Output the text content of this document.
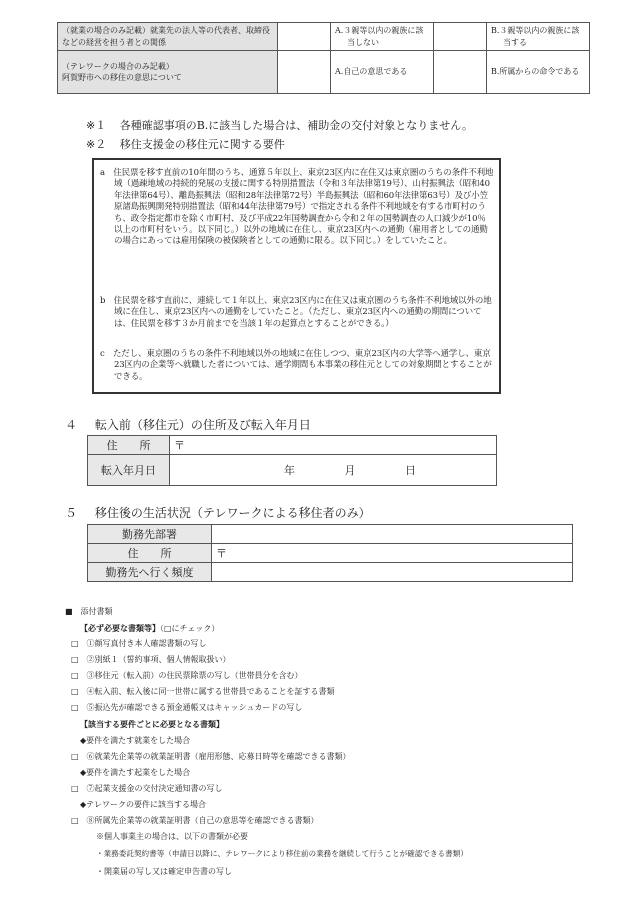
（就業の場合のみ記載）就業先の法人等の代表者、取締役などの経営を担う者との関係		A.３親等以内の親族に該当しない		B.３親等以内の親族に該当する

（テレワークの場合のみ記載）
阿賀野市への移住の意思について		A.自己の意思である		B.所属からの命令である
※１ 各種確認事項のB.に該当した場合は、補助金の交付対象となりません。
※２ 移住支援金の移住元に関する要件

a　住民票を移す直前の10年間のうち、通算５年以上、東京23区内に在住又は東京圏のうちの条件不利地域（過疎地域の持続的発展の支援に関する特別措置法（令和３年法律第19号）、山村振興法（昭和40年法律第64号）、離島振興法（昭和28年法律第72号）半島振興法（昭和60年法律第63号）及び小笠原諸島振興開発特別措置法（昭和44年法律第79号）で指定される条件不利地域を有する市町村のうち、政令指定都市を除く市町村、及び平成22年国勢調査から令和２年の国勢調査の人口減少が10％以上の市町村をいう。以下同じ。）以外の地域に在住し、東京23区内への通勤（雇用者としての通勤の場合にあっては雇用保険の被保険者としての通勤に限る。以下同じ。）をしていたこと。

b　住民票を移す直前に、連続して１年以上、東京23区内に在住又は東京圏のうち条件不利地域以外の地域に在住し、東京23区内への通勤をしていたこと。（ただし、東京23区内への通勤の期間については、住民票を移す３か月前までを当該１年の起算点とすることができる。）

c　ただし、東京圏のうちの条件不利地域以外の地域に在住しつつ、東京23区内の大学等へ通学し、東京23区内の企業等へ就職した者については、通学期間も本事業の移住元としての対象期間とすることができる。

４ 転入前（移住元）の住所及び転入年月日
住　　所	〒
転入年月日	年 月 日
５ 移住後の生活状況（テレワークによる移住者のみ）
勤務先部署	
住　　所	〒
勤務先へ行く頻度	
■　添付書類
【必ず必要な書類等】（□にチェック）
□　①顔写真付き本人確認書類の写し
□　②別紙１（誓約事項、個人情報取扱い）
□　③移住元（転入前）の住民票除票の写し（世帯員分を含む）
□　④転入前、転入後に同一世帯に属する世帯員であることを証する書類
□　⑤振込先が確認できる預金通帳又はキャッシュカードの写し
【該当する要件ごとに必要となる書類】
◆要件を満たす就業をした場合
□　⑥就業先企業等の就業証明書（雇用形態、応募日時等を確認できる書類）
◆要件を満たす起業をした場合
□　⑦起業支援金の交付決定通知書の写し
◆テレワークの要件に該当する場合
□　⑧所属先企業等の就業証明書（自己の意思等を確認できる書類）
※個人事業主の場合は、以下の書類が必要
・業務委託契約書等（申請日以降に、テレワークにより移住前の業務を継続して行うことが確認できる書類）
・開業届の写し又は確定申告書の写し
